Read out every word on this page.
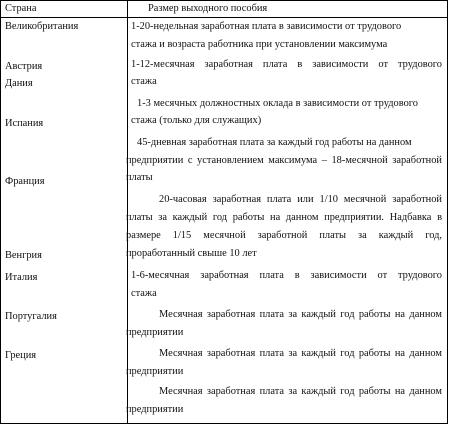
Страна	Размер выходного пособия
Великобритания
Австрия
Дания
Испания
Франция
Венгрия
Италия
Португалия
Греция
1-20-недельная заработная плата в зависимости от трудового
стажа и возраста работника при установлении максимума
1-12-месячная заработная плата в зависимости от трудового
стажа
1-3 месячных должностных оклада в зависимости от трудового
стажа (только для служащих)
45-дневная заработная плата за каждый год работы на данном
предприятии с установлением максимума – 18-месячной заработной
платы
20-часовая заработная плата или 1/10 месячной заработной
платы за каждый год работы на данном предприятии. Надбавка в
размере 1/15 месячной заработной платы за каждый год,
проработанный свыше 10 лет
1-6-месячная заработная плата в зависимости от трудового
стажа
Месячная заработная плата за каждый год работы на данном
предприятии
Месячная заработная плата за каждый год работы на данном
предприятии
Месячная заработная плата за каждый год работы на данном
предприятии
